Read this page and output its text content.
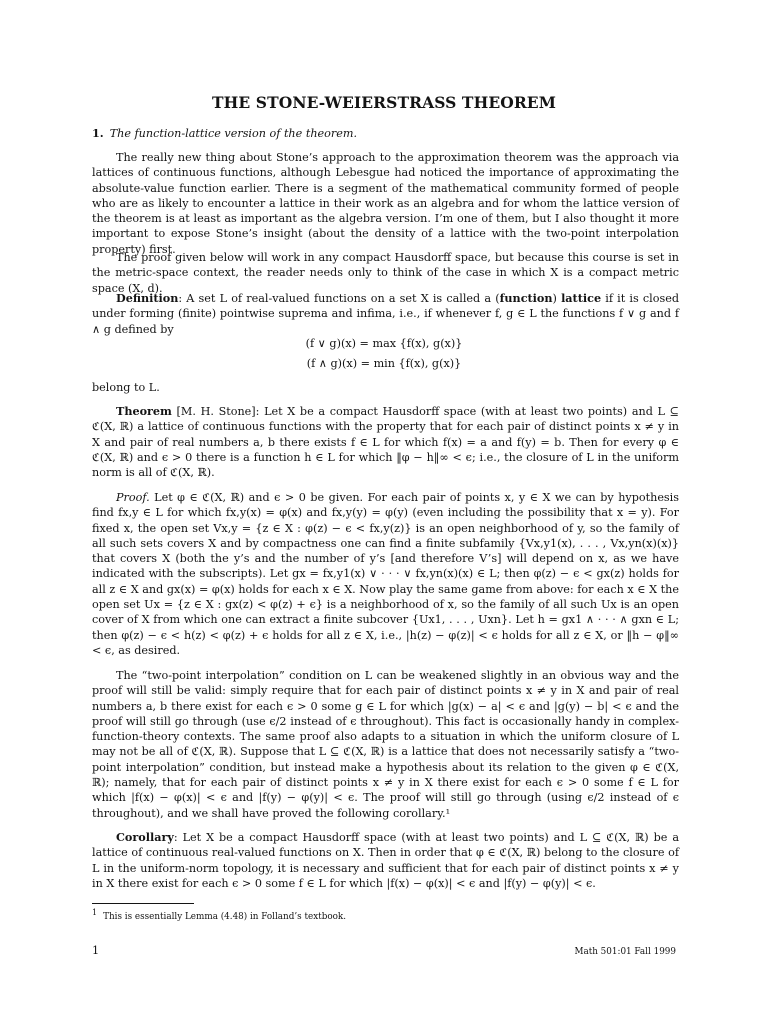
THE STONE-WEIERSTRASS THEOREM
1. The function-lattice version of the theorem.

The really new thing about Stone’s approach to the approximation theorem was the approach via lattices of continuous functions, although Lebesgue had noticed the importance of approximating the absolute-value function earlier. There is a segment of the mathematical community formed of people who are as likely to encounter a lattice in their work as an algebra and for whom the lattice version of the theorem is at least as important as the algebra version. I’m one of them, but I also thought it more important to expose Stone’s insight (about the density of a lattice with the two-point interpolation property) first.

The proof given below will work in any compact Hausdorff space, but because this course is set in the metric-space context, the reader needs only to think of the case in which X is a compact metric space (X, d).

Definition: A set L of real-valued functions on a set X is called a (function) lattice if it is closed under forming (finite) pointwise suprema and infima, i.e., if whenever f, g ∈ L the functions f ∨ g and f ∧ g defined by

(f ∨ g)(x) = max {f(x), g(x)}
(f ∧ g)(x) = min {f(x), g(x)}

belong to L.

Theorem [M. H. Stone]: Let X be a compact Hausdorff space (with at least two points) and L ⊆ ℭ(X, ℝ) a lattice of continuous functions with the property that for each pair of distinct points x ≠ y in X and pair of real numbers a, b there exists f ∈ L for which f(x) = a and f(y) = b. Then for every φ ∈ ℭ(X, ℝ) and ϵ > 0 there is a function h ∈ L for which ‖φ − h‖∞ < ϵ; i.e., the closure of L in the uniform norm is all of ℭ(X, ℝ).

Proof. Let φ ∈ ℭ(X, ℝ) and ϵ > 0 be given. For each pair of points x, y ∈ X we can by hypothesis find fx,y ∈ L for which fx,y(x) = φ(x) and fx,y(y) = φ(y) (even including the possibility that x = y). For fixed x, the open set Vx,y = {z ∈ X : φ(z) − ϵ < fx,y(z)} is an open neighborhood of y, so the family of all such sets covers X and by compactness one can find a finite subfamily {Vx,y1(x), . . . , Vx,yn(x)(x)} that covers X (both the y’s and the number of y’s [and therefore V’s] will depend on x, as we have indicated with the subscripts). Let gx = fx,y1(x) ∨ · · · ∨ fx,yn(x)(x) ∈ L; then φ(z) − ϵ < gx(z) holds for all z ∈ X and gx(x) = φ(x) holds for each x ∈ X. Now play the same game from above: for each x ∈ X the open set Ux = {z ∈ X : gx(z) < φ(z) + ϵ} is a neighborhood of x, so the family of all such Ux is an open cover of X from which one can extract a finite subcover {Ux1, . . . , Uxn}. Let h = gx1 ∧ · · · ∧ gxn ∈ L; then φ(z) − ϵ < h(z) < φ(z) + ϵ holds for all z ∈ X, i.e., |h(z) − φ(z)| < ϵ holds for all z ∈ X, or ‖h − φ‖∞ < ϵ, as desired.

The “two-point interpolation” condition on L can be weakened slightly in an obvious way and the proof will still be valid: simply require that for each pair of distinct points x ≠ y in X and pair of real numbers a, b there exist for each ϵ > 0 some g ∈ L for which |g(x) − a| < ϵ and |g(y) − b| < ϵ and the proof will still go through (use ϵ/2 instead of ϵ throughout). This fact is occasionally handy in complex-function-theory contexts. The same proof also adapts to a situation in which the uniform closure of L may not be all of ℭ(X, ℝ). Suppose that L ⊆ ℭ(X, ℝ) is a lattice that does not necessarily satisfy a “two-point interpolation” condition, but instead make a hypothesis about its relation to the given φ ∈ ℭ(X, ℝ); namely, that for each pair of distinct points x ≠ y in X there exist for each ϵ > 0 some f ∈ L for which |f(x) − φ(x)| < ϵ and |f(y) − φ(y)| < ϵ. The proof will still go through (using ϵ/2 instead of ϵ throughout), and we shall have proved the following corollary.¹

Corollary: Let X be a compact Hausdorff space (with at least two points) and L ⊆ ℭ(X, ℝ) be a lattice of continuous real-valued functions on X. Then in order that φ ∈ ℭ(X, ℝ) belong to the closure of L in the uniform-norm topology, it is necessary and sufficient that for each pair of distinct points x ≠ y in X there exist for each ϵ > 0 some f ∈ L for which |f(x) − φ(x)| < ϵ and |f(y) − φ(y)| < ϵ.

$^1$ This is essentially Lemma (4.48) in Folland’s textbook.
1	Math 501:01 Fall 1999
